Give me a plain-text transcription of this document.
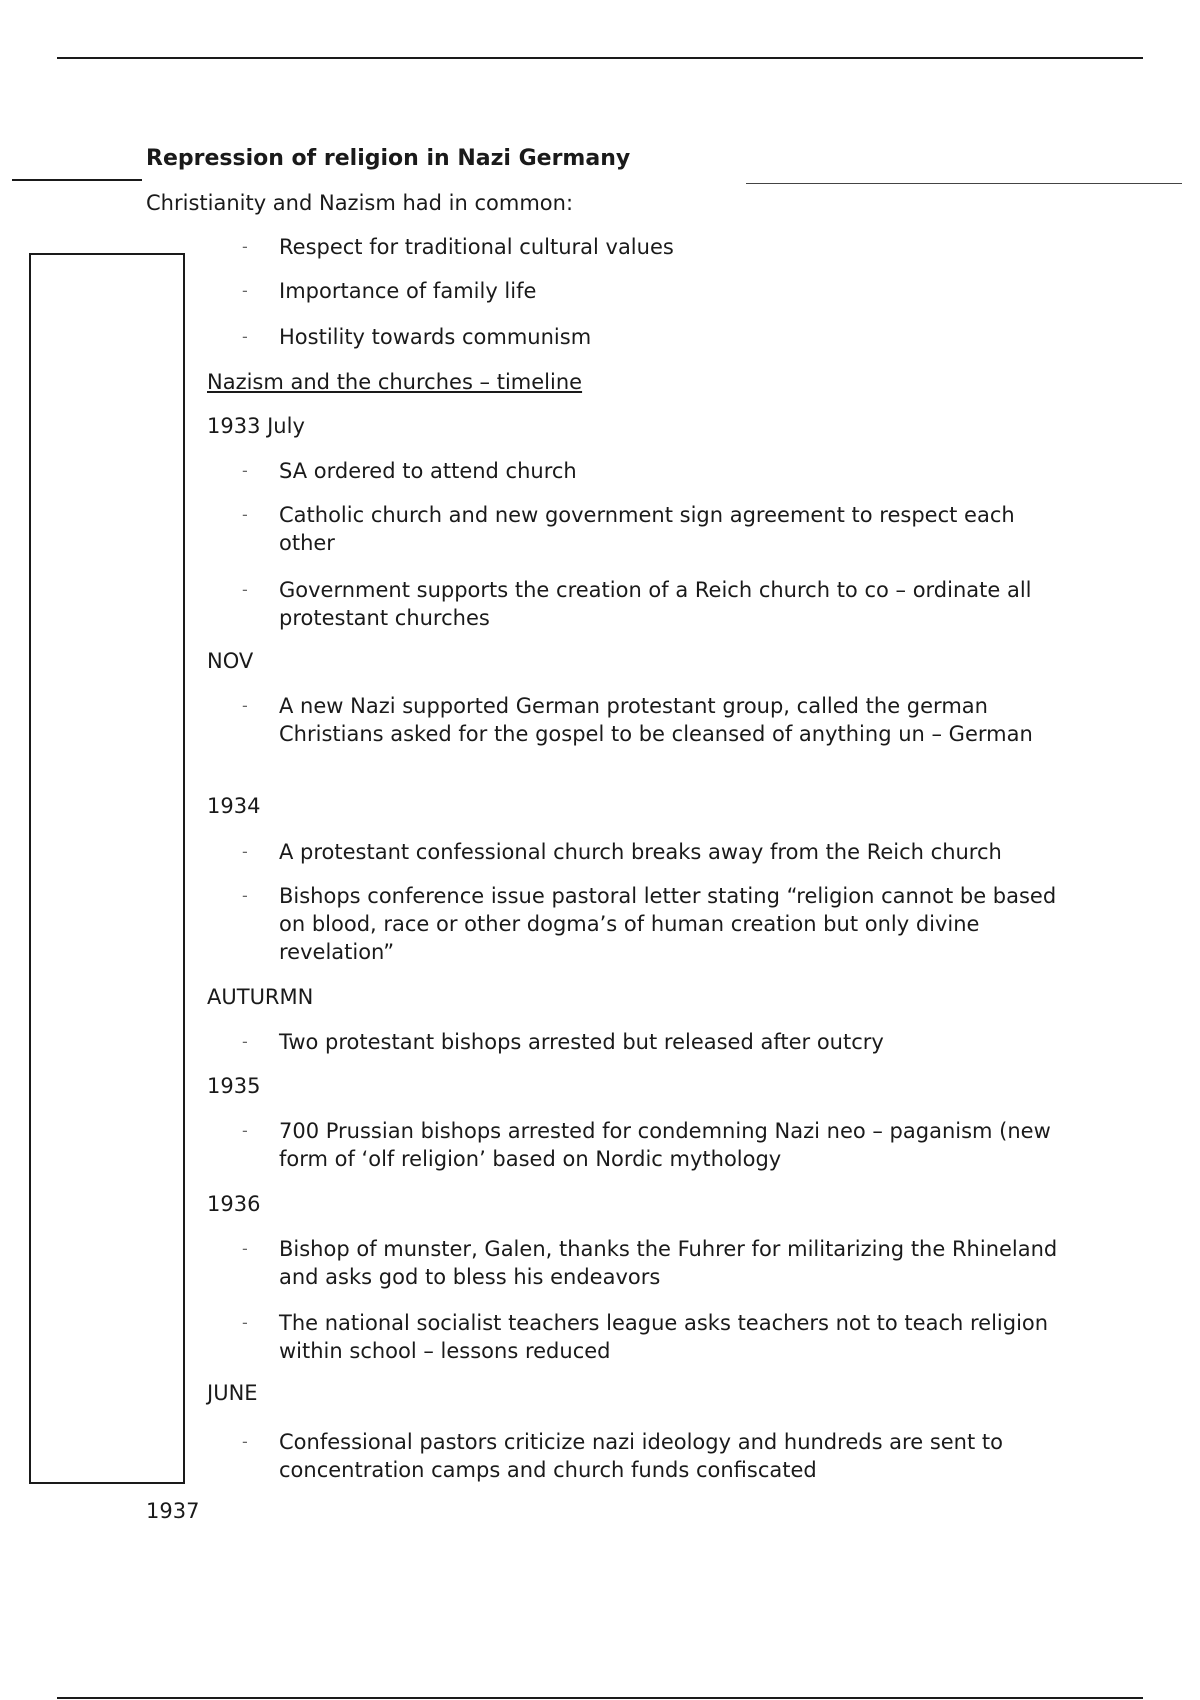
Repression of religion in Nazi Germany
Christianity and Nazism had in common:
- Respect for traditional cultural values
- Importance of family life
- Hostility towards communism
Nazism and the churches – timeline
1933 July
- SA ordered to attend church
- Catholic church and new government sign agreement to respect each other
- Government supports the creation of a Reich church to co – ordinate all protestant churches
NOV
- A new Nazi supported German protestant group, called the german Christians asked for the gospel to be cleansed of anything un – German
1934
- A protestant confessional church breaks away from the Reich church
- Bishops conference issue pastoral letter stating “religion cannot be based on blood, race or other dogma’s of human creation but only divine revelation”
AUTURMN
- Two protestant bishops arrested but released after outcry
1935
- 700 Prussian bishops arrested for condemning Nazi neo – paganism (new form of ‘olf religion’ based on Nordic mythology
1936
- Bishop of munster, Galen, thanks the Fuhrer for militarizing the Rhineland and asks god to bless his endeavors
- The national socialist teachers league asks teachers not to teach religion within school – lessons reduced
JUNE
- Confessional pastors criticize nazi ideology and hundreds are sent to concentration camps and church funds confiscated
1937
